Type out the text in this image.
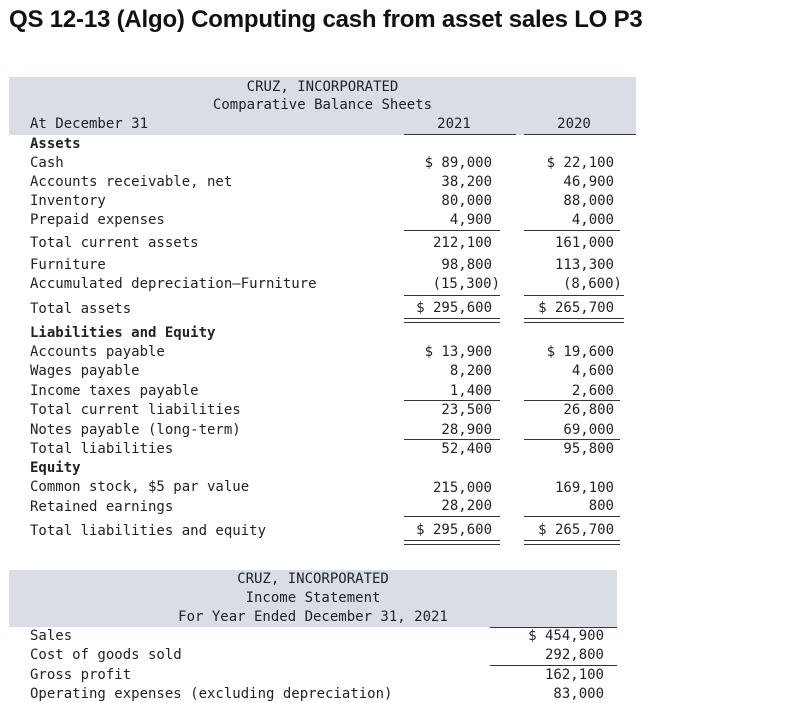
QS 12-13 (Algo) Computing cash from asset sales LO P3
CRUZ, INCORPORATED
Comparative Balance Sheets
At December 31	2021	2020
Assets
Cash	$ 89,000	$ 22,100
Accounts receivable, net	38,200	46,900
Inventory	80,000	88,000
Prepaid expenses	4,900	4,000
Total current assets	212,100	161,000
Furniture	98,800	113,300
Accumulated depreciation—Furniture	(15,300)	(8,600)
Total assets	$ 295,600	$ 265,700
Liabilities and Equity
Accounts payable	$ 13,900	$ 19,600
Wages payable	8,200	4,600
Income taxes payable	1,400	2,600
Total current liabilities	23,500	26,800
Notes payable (long-term)	28,900	69,000
Total liabilities	52,400	95,800
Equity
Common stock, $5 par value	215,000	169,100
Retained earnings	28,200	800
Total liabilities and equity	$ 295,600	$ 265,700
CRUZ, INCORPORATED
Income Statement
For Year Ended December 31, 2021
Sales	$ 454,900
Cost of goods sold	292,800
Gross profit	162,100
Operating expenses (excluding depreciation)	83,000
